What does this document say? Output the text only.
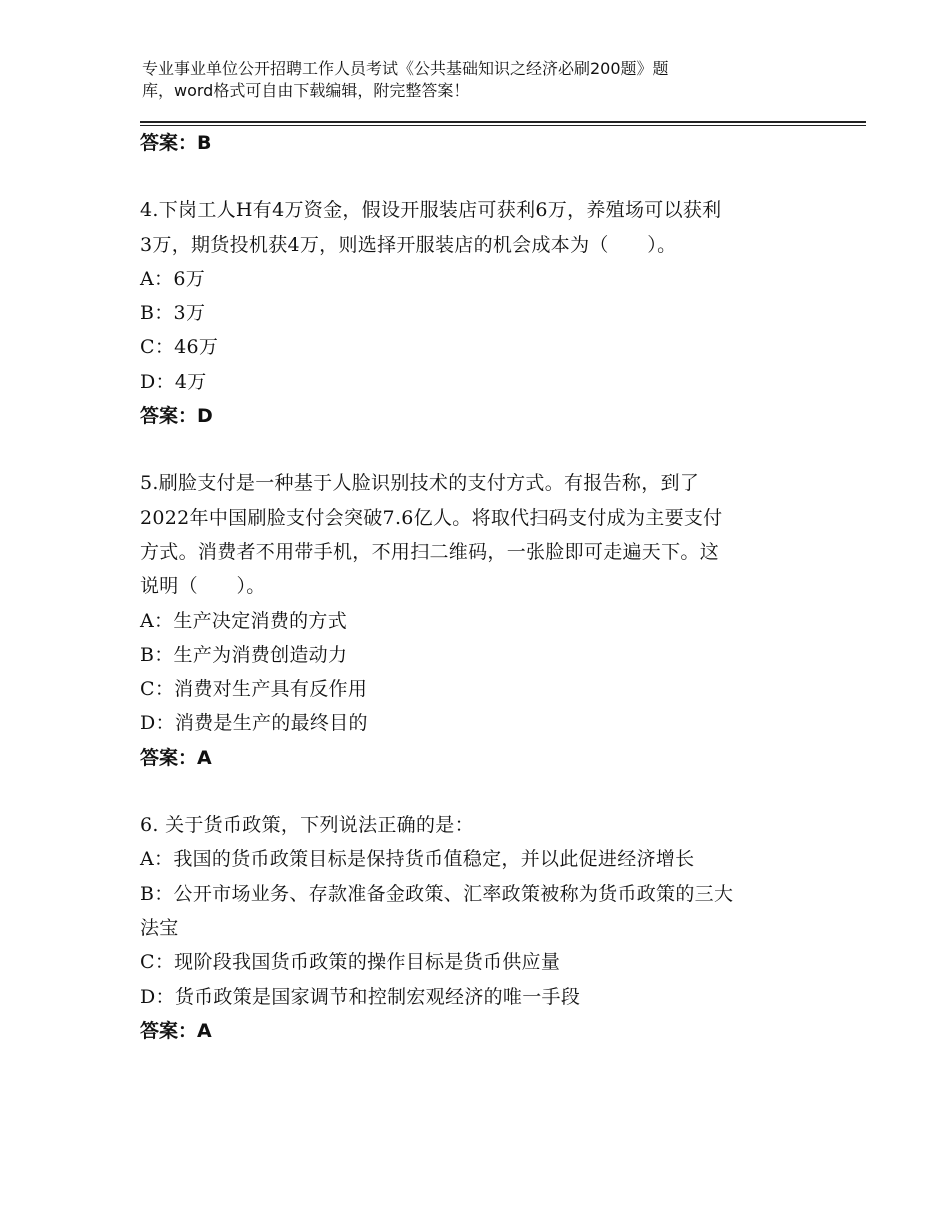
专业事业单位公开招聘工作人员考试《公共基础知识之经济必刷200题》题
库，word格式可自由下载编辑，附完整答案！
答案：B
4.下岗工人H有4万资金，假设开服装店可获利6万，养殖场可以获利
3万，期货投机获4万，则选择开服装店的机会成本为（　　）。
A：6万
B：3万
C：46万
D：4万
答案：D
5.刷脸支付是一种基于人脸识别技术的支付方式。有报告称，到了
2022年中国刷脸支付会突破7.6亿人。将取代扫码支付成为主要支付
方式。消费者不用带手机，不用扫二维码，一张脸即可走遍天下。这
说明（　　）。
A：生产决定消费的方式
B：生产为消费创造动力
C：消费对生产具有反作用
D：消费是生产的最终目的
答案：A
6. 关于货币政策，下列说法正确的是：
A：我国的货币政策目标是保持货币值稳定，并以此促进经济增长
B：公开市场业务、存款准备金政策、汇率政策被称为货币政策的三大
法宝
C：现阶段我国货币政策的操作目标是货币供应量
D：货币政策是国家调节和控制宏观经济的唯一手段
答案：A
